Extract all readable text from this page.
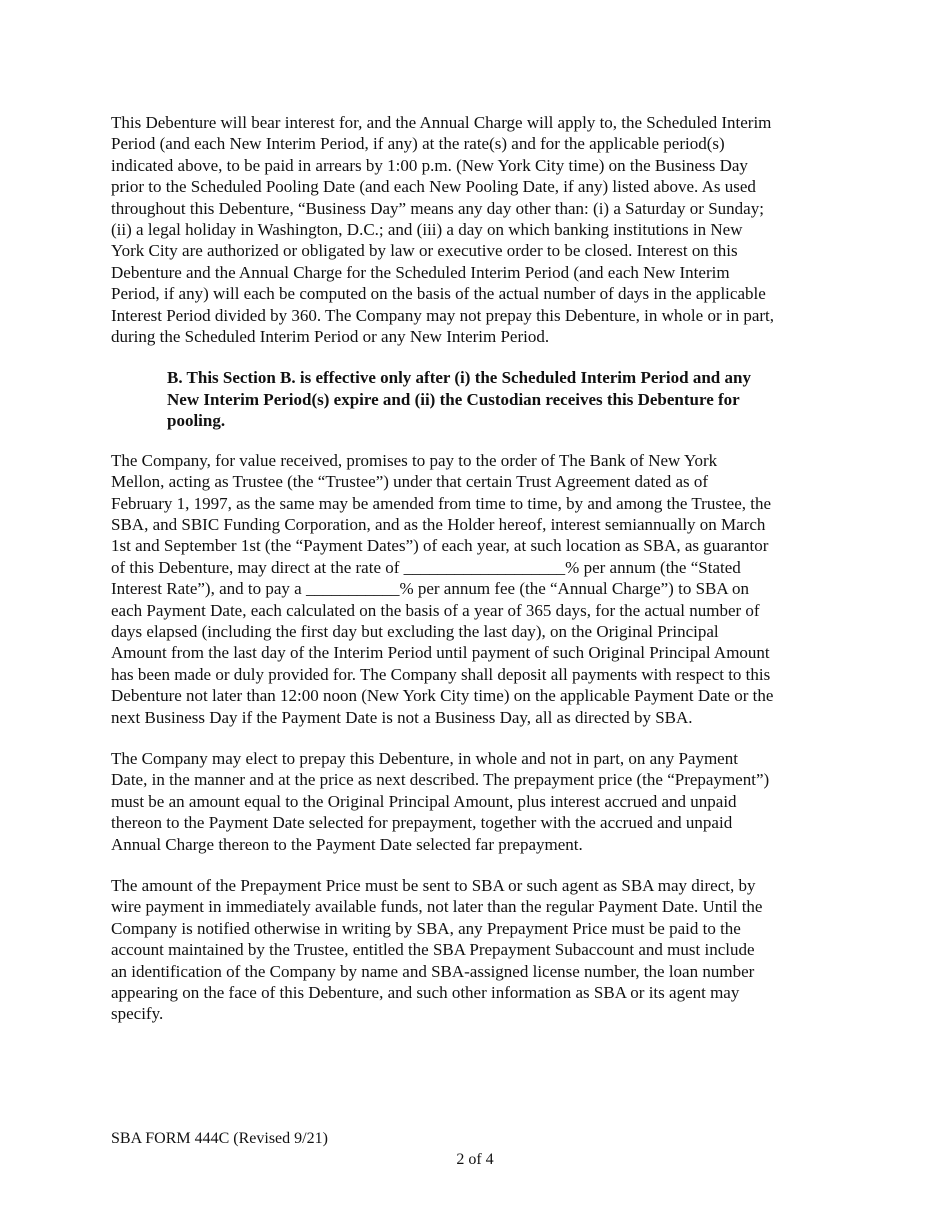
This Debenture will bear interest for, and the Annual Charge will apply to, the Scheduled Interim
Period (and each New Interim Period, if any) at the rate(s) and for the applicable period(s)
indicated above, to be paid in arrears by 1:00 p.m. (New York City time) on the Business Day
prior to the Scheduled Pooling Date (and each New Pooling Date, if any) listed above. As used
throughout this Debenture, “Business Day” means any day other than: (i) a Saturday or Sunday;
(ii) a legal holiday in Washington, D.C.; and (iii) a day on which banking institutions in New
York City are authorized or obligated by law or executive order to be closed. Interest on this
Debenture and the Annual Charge for the Scheduled Interim Period (and each New Interim
Period, if any) will each be computed on the basis of the actual number of days in the applicable
Interest Period divided by 360. The Company may not prepay this Debenture, in whole or in part,
during the Scheduled Interim Period or any New Interim Period.

B. This Section B. is effective only after (i) the Scheduled Interim Period and any
New Interim Period(s) expire and (ii) the Custodian receives this Debenture for
pooling.

The Company, for value received, promises to pay to the order of The Bank of New York
Mellon, acting as Trustee (the “Trustee”) under that certain Trust Agreement dated as of
February 1, 1997, as the same may be amended from time to time, by and among the Trustee, the
SBA, and SBIC Funding Corporation, and as the Holder hereof, interest semiannually on March
1st and September 1st (the “Payment Dates”) of each year, at such location as SBA, as guarantor
of this Debenture, may direct at the rate of ___________________% per annum (the “Stated
Interest Rate”), and to pay a ___________% per annum fee (the “Annual Charge”) to SBA on
each Payment Date, each calculated on the basis of a year of 365 days, for the actual number of
days elapsed (including the first day but excluding the last day), on the Original Principal
Amount from the last day of the Interim Period until payment of such Original Principal Amount
has been made or duly provided for. The Company shall deposit all payments with respect to this
Debenture not later than 12:00 noon (New York City time) on the applicable Payment Date or the
next Business Day if the Payment Date is not a Business Day, all as directed by SBA.

The Company may elect to prepay this Debenture, in whole and not in part, on any Payment
Date, in the manner and at the price as next described. The prepayment price (the “Prepayment”)
must be an amount equal to the Original Principal Amount, plus interest accrued and unpaid
thereon to the Payment Date selected for prepayment, together with the accrued and unpaid
Annual Charge thereon to the Payment Date selected far prepayment.

The amount of the Prepayment Price must be sent to SBA or such agent as SBA may direct, by
wire payment in immediately available funds, not later than the regular Payment Date. Until the
Company is notified otherwise in writing by SBA, any Prepayment Price must be paid to the
account maintained by the Trustee, entitled the SBA Prepayment Subaccount and must include
an identification of the Company by name and SBA-assigned license number, the loan number
appearing on the face of this Debenture, and such other information as SBA or its agent may
specify.

SBA FORM 444C (Revised 9/21)
2 of 4
